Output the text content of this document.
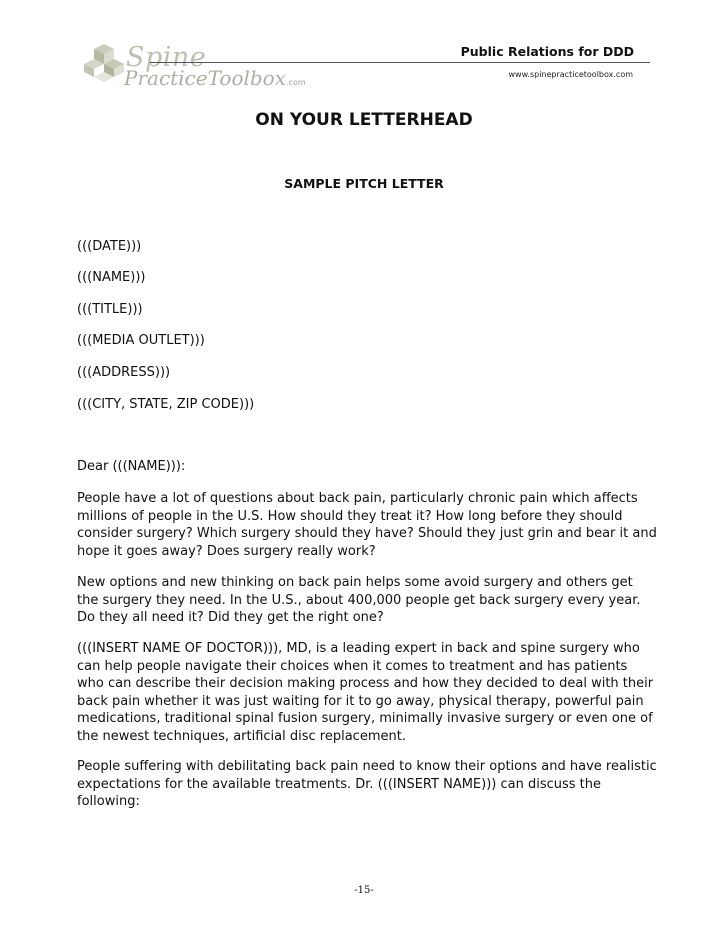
Spine
PracticeToolbox.com
Public Relations for DDD
www.spinepracticetoolbox.com
ON YOUR LETTERHEAD
SAMPLE PITCH LETTER
(((DATE)))
(((NAME)))
(((TITLE)))
(((MEDIA OUTLET)))
(((ADDRESS)))
(((CITY, STATE, ZIP CODE)))
Dear (((NAME))):

People have a lot of questions about back pain, particularly chronic pain which affects millions of people in the U.S. How should they treat it? How long before they should consider surgery? Which surgery should they have? Should they just grin and bear it and hope it goes away? Does surgery really work?

New options and new thinking on back pain helps some avoid surgery and others get the surgery they need. In the U.S., about 400,000 people get back surgery every year. Do they all need it? Did they get the right one?

(((INSERT NAME OF DOCTOR))), MD, is a leading expert in back and spine surgery who can help people navigate their choices when it comes to treatment and has patients who can describe their decision making process and how they decided to deal with their back pain whether it was just waiting for it to go away, physical therapy, powerful pain medications, traditional spinal fusion surgery, minimally invasive surgery or even one of the newest techniques, artificial disc replacement.

People suffering with debilitating back pain need to know their options and have realistic expectations for the available treatments. Dr. (((INSERT NAME))) can discuss the following:

-15-
